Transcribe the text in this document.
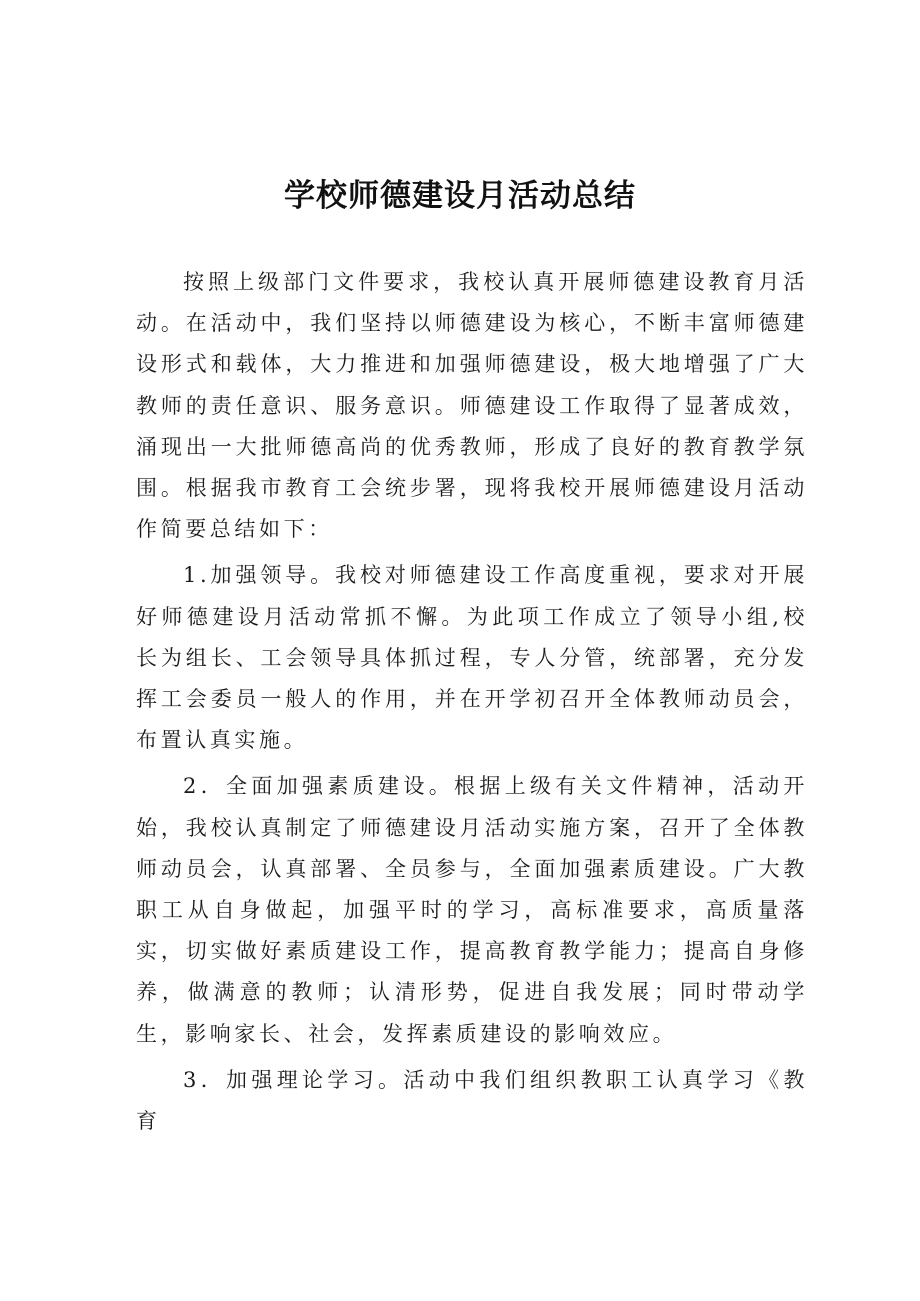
学校师德建设月活动总结

按照上级部门文件要求，我校认真开展师德建设教育月活动。在活动中，我们坚持以师德建设为核心，不断丰富师德建设形式和载体，大力推进和加强师德建设，极大地增强了广大教师的责任意识、服务意识。师德建设工作取得了显著成效，涌现出一大批师德高尚的优秀教师，形成了良好的教育教学氛围。根据我市教育工会统步署，现将我校开展师德建设月活动作简要总结如下：

1.加强领导。我校对师德建设工作高度重视，要求对开展好师德建设月活动常抓不懈。为此项工作成立了领导小组,校长为组长、工会领导具体抓过程，专人分管，统部署，充分发挥工会委员一般人的作用，并在开学初召开全体教师动员会，布置认真实施。

2．全面加强素质建设。根据上级有关文件精神，活动开始，我校认真制定了师德建设月活动实施方案，召开了全体教师动员会，认真部署、全员参与，全面加强素质建设。广大教职工从自身做起，加强平时的学习，高标准要求，高质量落实，切实做好素质建设工作，提高教育教学能力；提高自身修养，做满意的教师；认清形势，促进自我发展；同时带动学生，影响家长、社会，发挥素质建设的影响效应。

3．加强理论学习。活动中我们组织教职工认真学习《教育
